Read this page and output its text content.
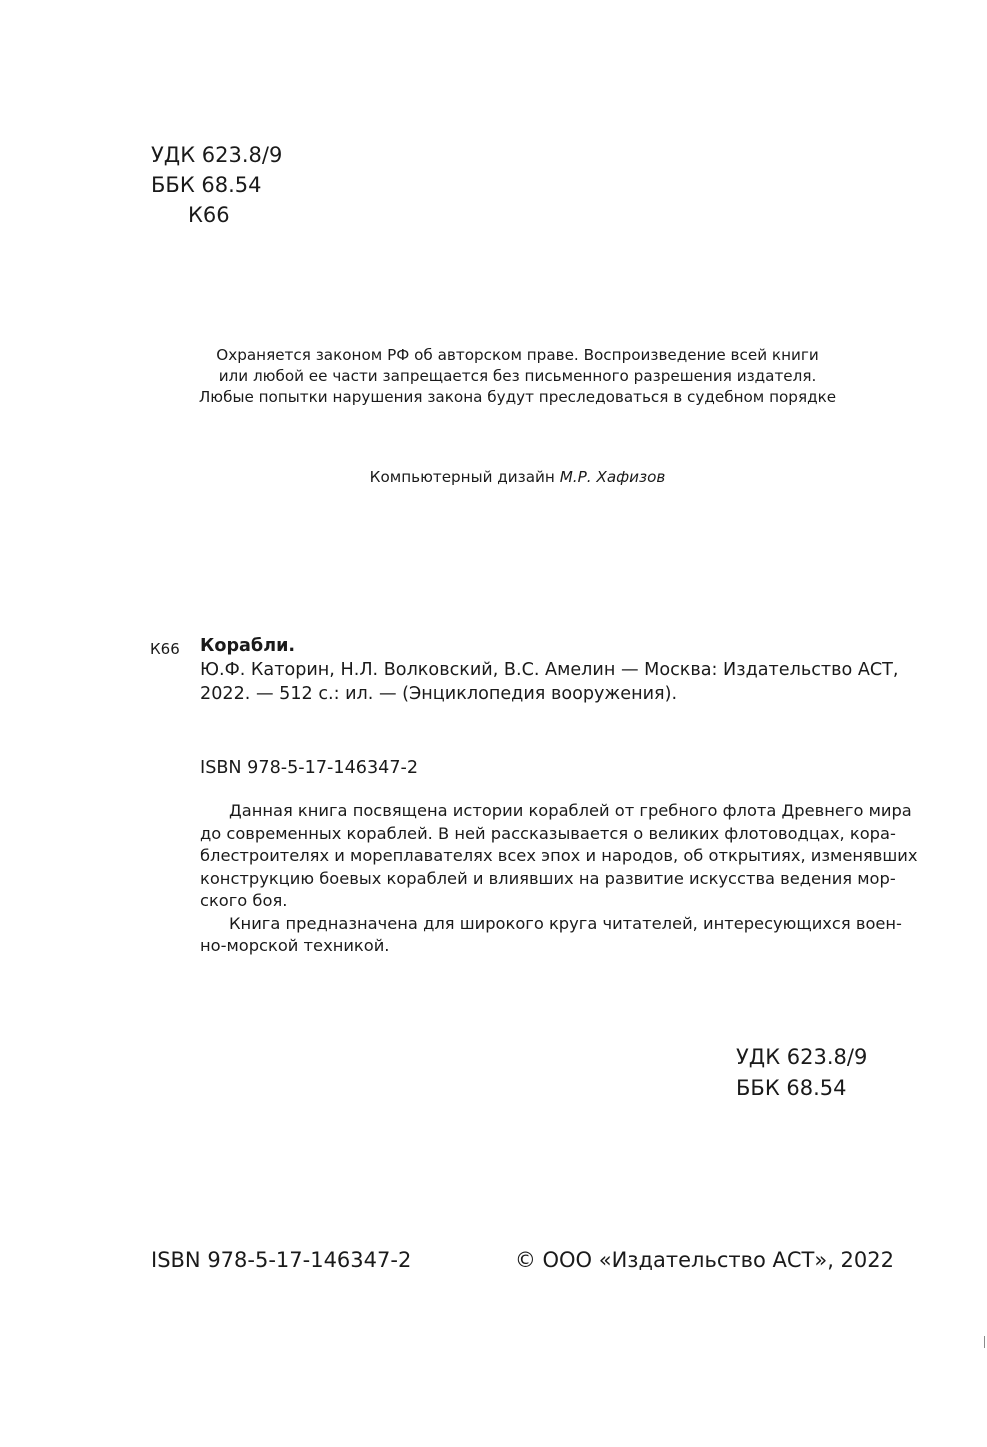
УДК 623.8/9
ББК 68.54
К66
Охраняется законом РФ об авторском праве. Воспроизведение всей книги
или любой ее части запрещается без письменного разрешения издателя.
Любые попытки нарушения закона будут преследоваться в судебном порядке
Компьютерный дизайн М.Р. Хафизов
К66 Корабли.
Ю.Ф. Каторин, Н.Л. Волковский, В.С. Амелин — Москва: Издательство АСТ,
2022. — 512 с.: ил. — (Энциклопедия вооружения).
ISBN 978-5-17-146347-2

Данная книга посвящена истории кораблей от гребного флота Древнего мира
до современных кораблей. В ней рассказывается о великих флотоводцах, кора-
блестроителях и мореплавателях всех эпох и народов, об открытиях, изменявших
конструкцию боевых кораблей и влиявших на развитие искусства ведения мор-
ского боя.

Книга предназначена для широкого круга читателей, интересующихся воен-
но-морской техникой.

УДК 623.8/9
ББК 68.54
ISBN 978-5-17-146347-2	© ООО «Издательство АСТ», 2022
